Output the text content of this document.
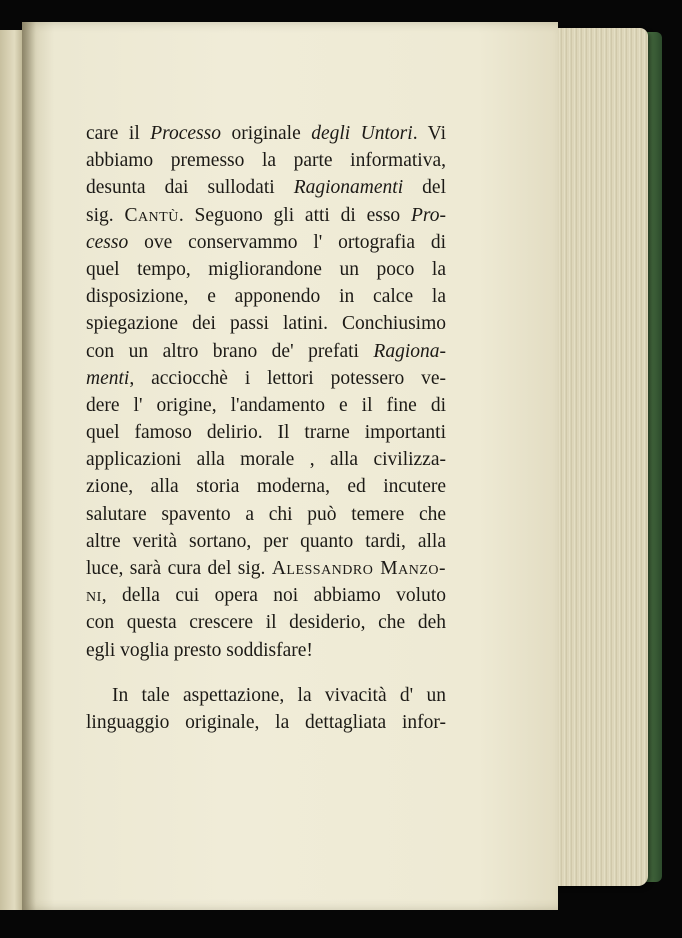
care il Processo originale degli Untori. Vi
abbiamo premesso la parte informativa,
desunta dai sullodati Ragionamenti del
sig. Cantù. Seguono gli atti di esso Pro-
cesso ove conservammo l' ortografia di
quel tempo, migliorandone un poco la
disposizione, e apponendo in calce la
spiegazione dei passi latini. Conchiusimo
con un altro brano de' prefati Ragiona-
menti, acciocchè i lettori potessero ve-
dere l' origine, l'andamento e il fine di
quel famoso delirio. Il trarne importanti
applicazioni alla morale , alla civilizza-
zione, alla storia moderna, ed incutere
salutare spavento a chi può temere che
altre verità sortano, per quanto tardi, alla
luce, sarà cura del sig. Alessandro Manzo-
ni, della cui opera noi abbiamo voluto
con questa crescere il desiderio, che deh
egli voglia presto soddisfare!
In tale aspettazione, la vivacità d' un
linguaggio originale, la dettagliata infor-
